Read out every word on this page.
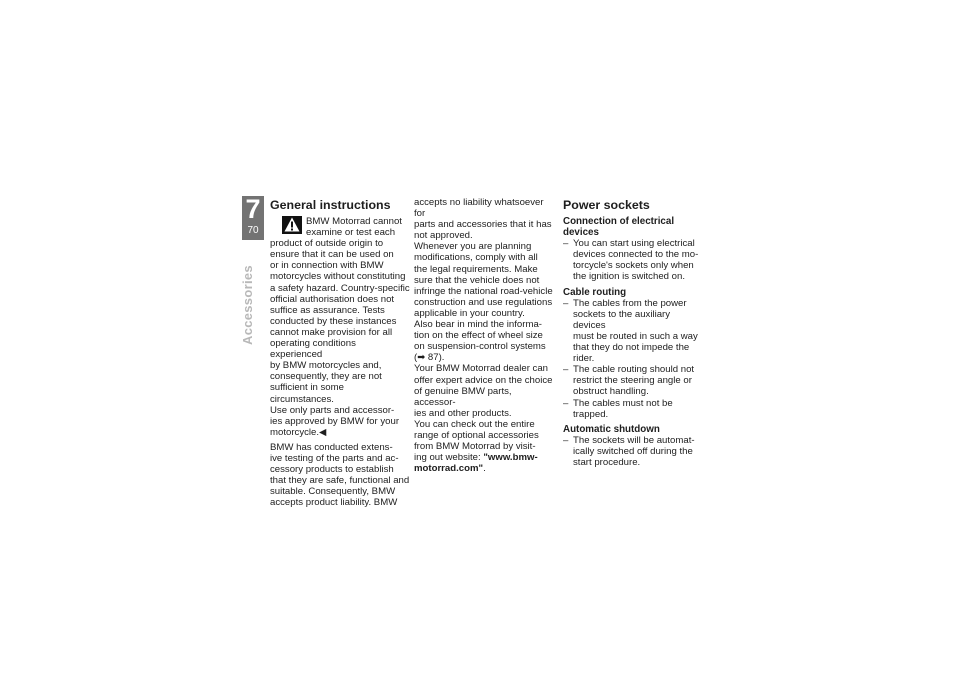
7
70
Accessories
General instructions

BMW Motorrad cannot

examine or test each

product of outside origin to

ensure that it can be used on

or in connection with BMW

motorcycles without constituting

a safety hazard. Country-specific

official authorisation does not

suffice as assurance. Tests

conducted by these instances

cannot make provision for all

operating conditions experienced

by BMW motorcycles and,

consequently, they are not

sufficient in some circumstances.

Use only parts and accessor-

ies approved by BMW for your

motorcycle.◀

BMW has conducted extens-

ive testing of the parts and ac-

cessory products to establish

that they are safe, functional and

suitable. Consequently, BMW

accepts product liability. BMW

accepts no liability whatsoever for

parts and accessories that it has

not approved.

Whenever you are planning

modifications, comply with all

the legal requirements. Make

sure that the vehicle does not

infringe the national road-vehicle

construction and use regulations

applicable in your country.

Also bear in mind the informa-

tion on the effect of wheel size

on suspension-control systems

(➡ 87).

Your BMW Motorrad dealer can

offer expert advice on the choice

of genuine BMW parts, accessor-

ies and other products.

You can check out the entire

range of optional accessories

from BMW Motorrad by visit-

ing out website: "www.bmw-

motorrad.com".

Power sockets
Connection of electrical
devices

– You can start using electrical

devices connected to the mo-

torcycle's sockets only when

the ignition is switched on.

Cable routing

– The cables from the power

sockets to the auxiliary devices

must be routed in such a way

that they do not impede the

rider.

– The cable routing should not

restrict the steering angle or

obstruct handling.

– The cables must not be

trapped.

Automatic shutdown

– The sockets will be automat-

ically switched off during the

start procedure.
